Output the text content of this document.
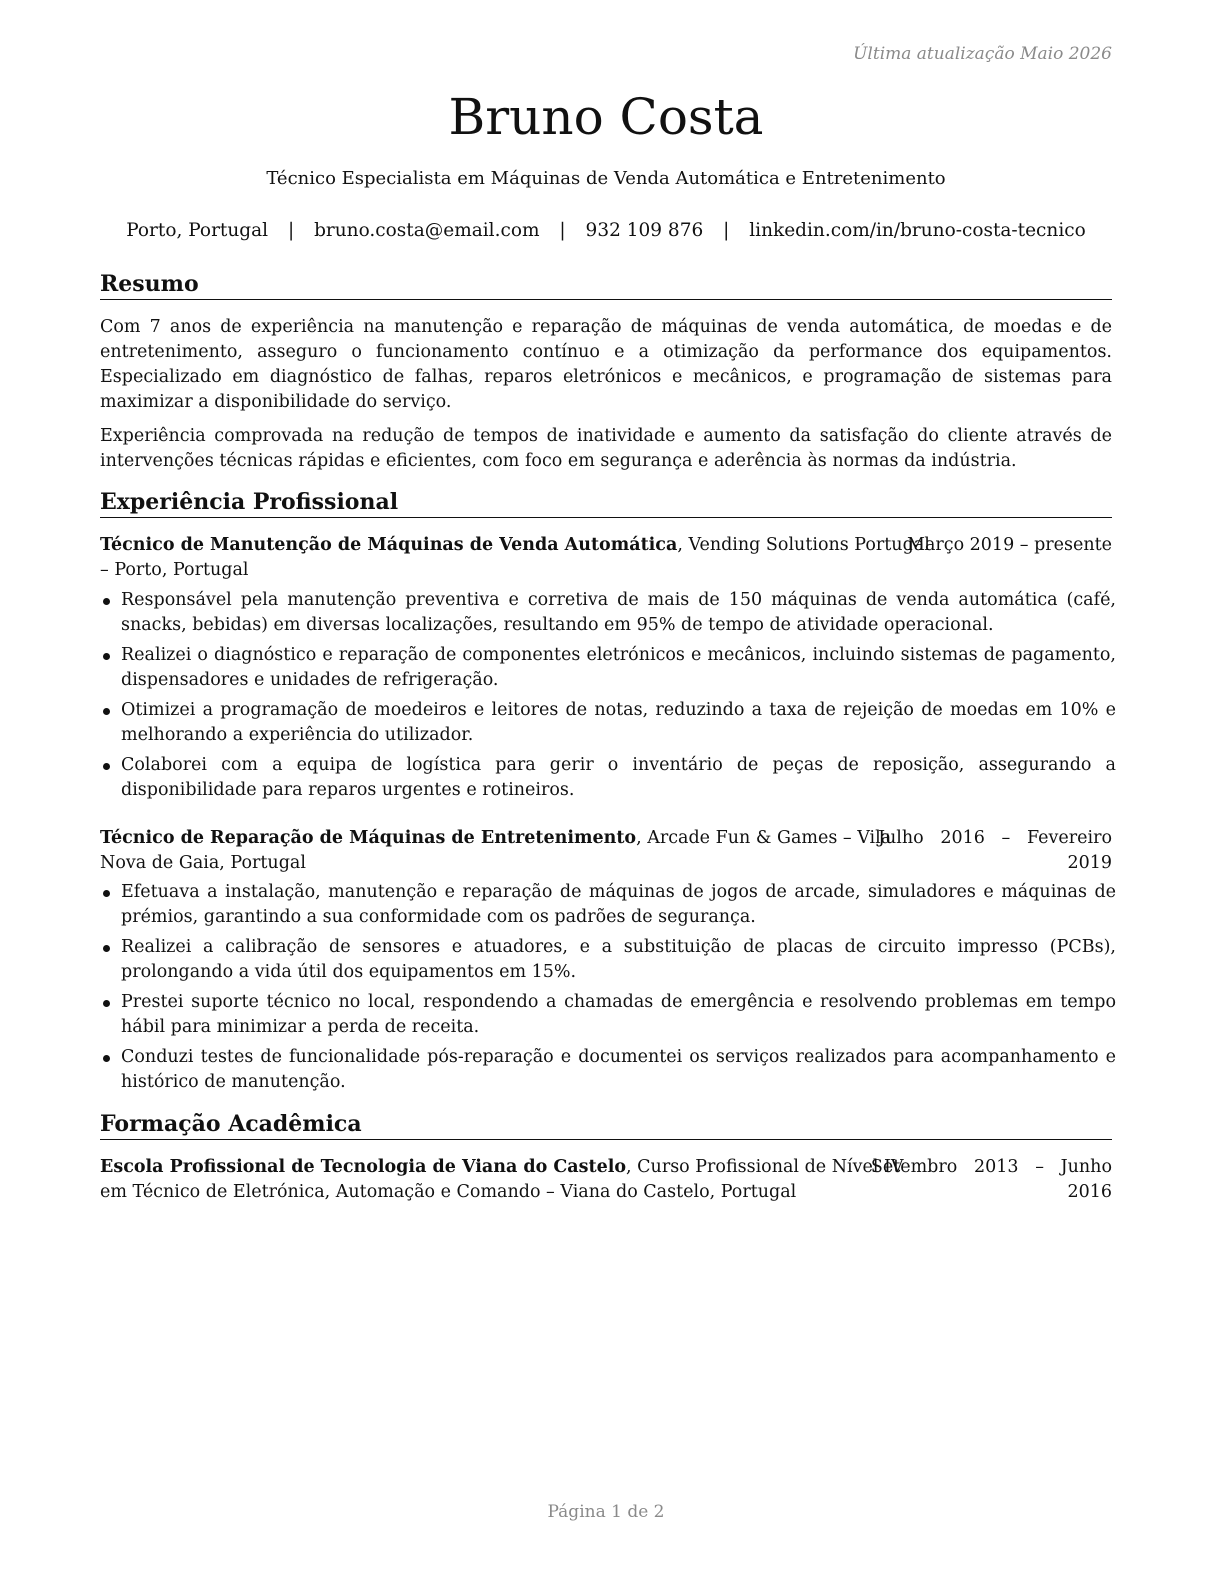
Última atualização Maio 2026
Bruno Costa
Técnico Especialista em Máquinas de Venda Automática e Entretenimento
Porto, Portugal | bruno.costa@email.com | 932 109 876 | linkedin.com/in/bruno-costa-tecnico
Resumo
Com 7 anos de experiência na manutenção e reparação de máquinas de venda automática, de moedas e de entretenimento, asseguro o funcionamento contínuo e a otimização da performance dos equipamentos. Especializado em diagnóstico de falhas, reparos eletrónicos e mecânicos, e programação de sistemas para maximizar a disponibilidade do serviço.
Experiência comprovada na redução de tempos de inatividade e aumento da satisfação do cliente através de intervenções técnicas rápidas e eficientes, com foco em segurança e aderência às normas da indústria.
Experiência Profissional
Técnico de Manutenção de Máquinas de Venda Automática, Vending Solutions Portugal
Março 2019 – presente
– Porto, Portugal
Responsável pela manutenção preventiva e corretiva de mais de 150 máquinas de venda automática (café, snacks, bebidas) em diversas localizações, resultando em 95% de tempo de atividade operacional.
Realizei o diagnóstico e reparação de componentes eletrónicos e mecânicos, incluindo sistemas de pagamento, dispensadores e unidades de refrigeração.
Otimizei a programação de moedeiros e leitores de notas, reduzindo a taxa de rejeição de moedas em 10% e melhorando a experiência do utilizador.
Colaborei com a equipa de logística para gerir o inventário de peças de reposição, assegurando a disponibilidade para reparos urgentes e rotineiros.
Técnico de Reparação de Máquinas de Entretenimento, Arcade Fun & Games – Vila
Julho   2016   –   Fevereiro
Nova de Gaia, Portugal	2019
Efetuava a instalação, manutenção e reparação de máquinas de jogos de arcade, simuladores e máquinas de prémios, garantindo a sua conformidade com os padrões de segurança.
Realizei a calibração de sensores e atuadores, e a substituição de placas de circuito impresso (PCBs), prolongando a vida útil dos equipamentos em 15%.
Prestei suporte técnico no local, respondendo a chamadas de emergência e resolvendo problemas em tempo hábil para minimizar a perda de receita.
Conduzi testes de funcionalidade pós-reparação e documentei os serviços realizados para acompanhamento e histórico de manutenção.
Formação Acadêmica
Escola Profissional de Tecnologia de Viana do Castelo, Curso Profissional de Nível IV
Setembro   2013   –   Junho
em Técnico de Eletrónica, Automação e Comando – Viana do Castelo, Portugal	2016
Página 1 de 2
